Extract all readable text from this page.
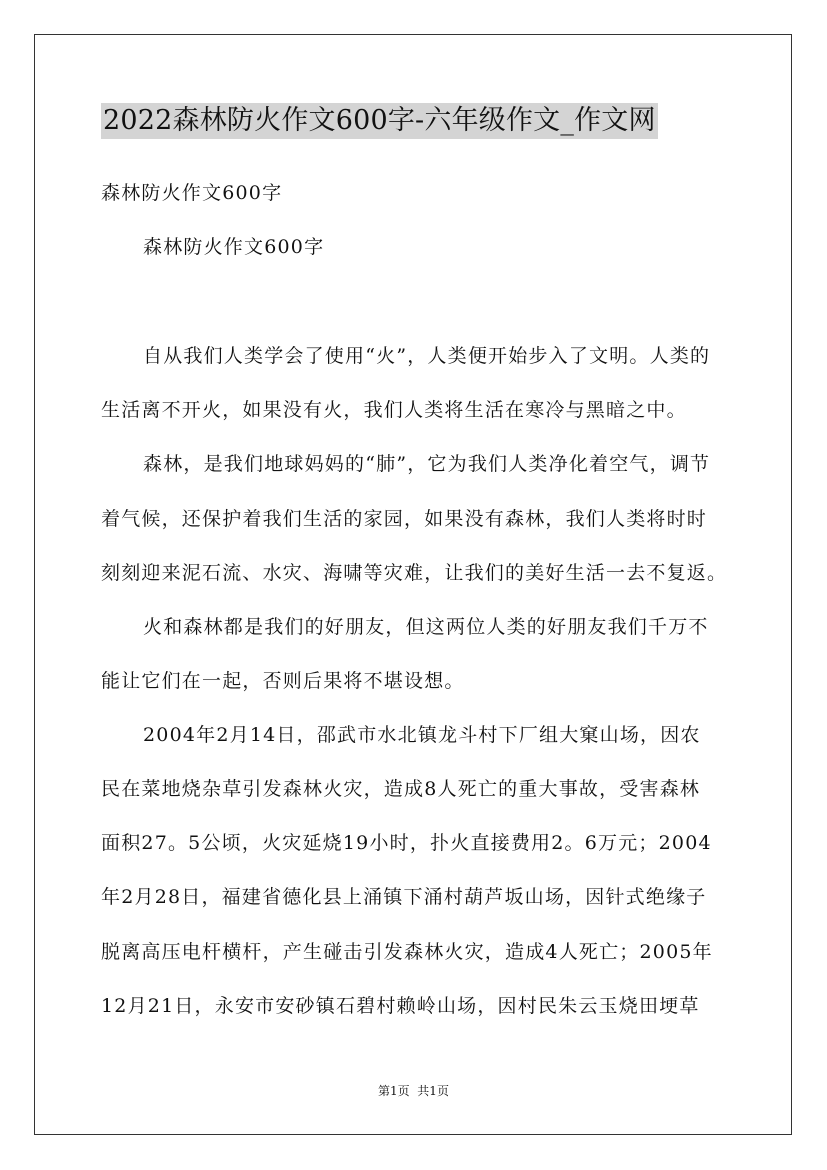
2022森林防火作文600字-六年级作文_作文网
森林防火作文600字
森林防火作文600字
自从我们人类学会了使用“火”，人类便开始步入了文明。人类的
生活离不开火，如果没有火，我们人类将生活在寒冷与黑暗之中。
森林，是我们地球妈妈的“肺”，它为我们人类净化着空气，调节
着气候，还保护着我们生活的家园，如果没有森林，我们人类将时时
刻刻迎来泥石流、水灾、海啸等灾难，让我们的美好生活一去不复返。
火和森林都是我们的好朋友，但这两位人类的好朋友我们千万不
能让它们在一起，否则后果将不堪设想。
2004年2月14日，邵武市水北镇龙斗村下厂组大窠山场，因农
民在菜地烧杂草引发森林火灾，造成8人死亡的重大事故，受害森林
面积27。5公顷，火灾延烧19小时，扑火直接费用2。6万元；2004
年2月28日，福建省德化县上涌镇下涌村葫芦坂山场，因针式绝缘子
脱离高压电杆横杆，产生碰击引发森林火灾，造成4人死亡；2005年
12月21日，永安市安砂镇石碧村赖岭山场，因村民朱云玉烧田埂草
第1页  共1页
